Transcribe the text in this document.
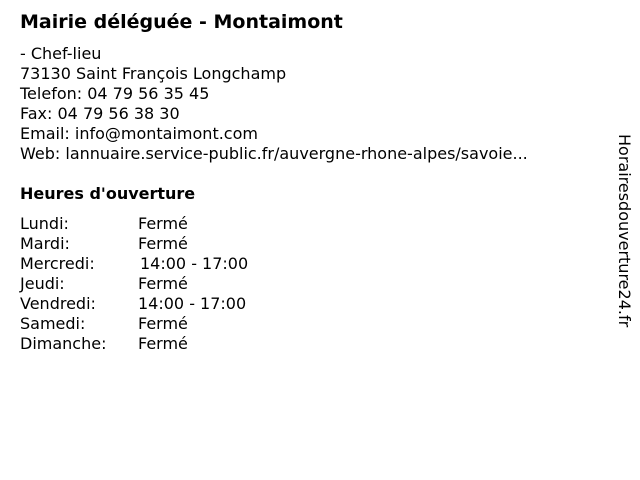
Mairie déléguée - Montaimont
- Chef-lieu
73130 Saint François Longchamp
Telefon: 04 79 56 35 45
Fax: 04 79 56 38 30
Email: info@montaimont.com
Web: lannuaire.service-public.fr/auvergne-rhone-alpes/savoie...
Heures d'ouverture
Lundi:	Fermé
Mardi:	Fermé
Mercredi:	14:00 - 17:00
Jeudi:	Fermé
Vendredi:	14:00 - 17:00
Samedi:	Fermé
Dimanche: Fermé
Horairesdouverture24.fr
